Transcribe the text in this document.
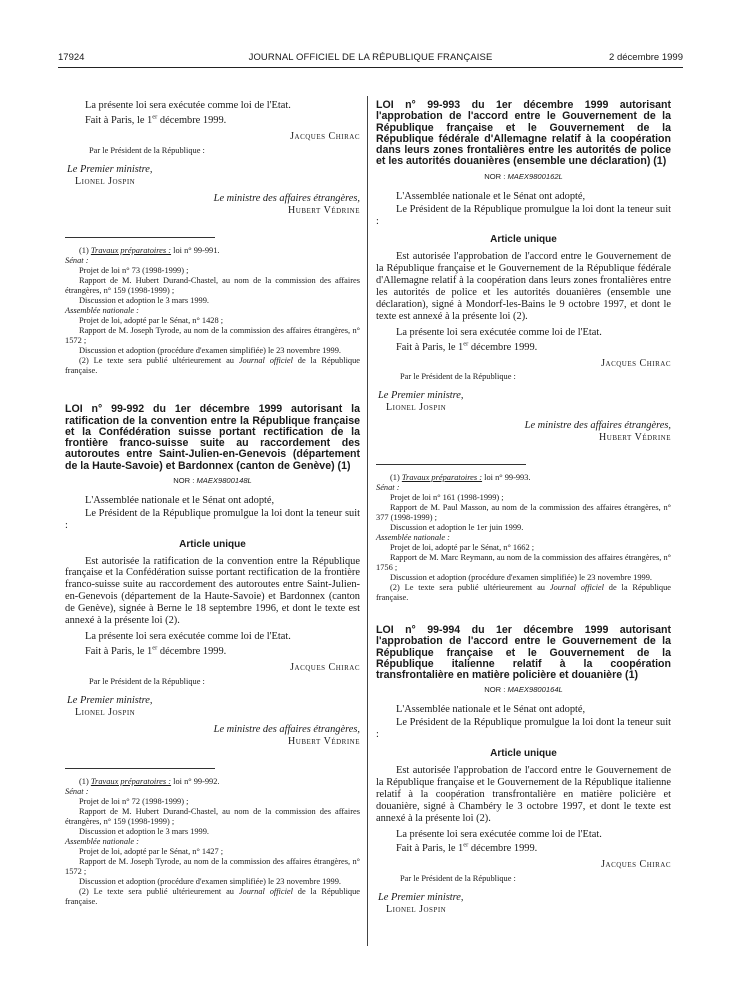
17924	JOURNAL OFFICIEL DE LA RÉPUBLIQUE FRANÇAISE	2 décembre 1999

La présente loi sera exécutée comme loi de l'Etat.

Fait à Paris, le 1er décembre 1999.

Jacques Chirac

Par le Président de la République :

Le Premier ministre,

Lionel Jospin

Le ministre des affaires étrangères,

Hubert Védrine

(1) Travaux préparatoires : loi n° 99-991.

Sénat :

Projet de loi n° 73 (1998-1999) ;

Rapport de M. Hubert Durand-Chastel, au nom de la commission des affaires étrangères, n° 159 (1998-1999) ;

Discussion et adoption le 3 mars 1999.

Assemblée nationale :

Projet de loi, adopté par le Sénat, n° 1428 ;

Rapport de M. Joseph Tyrode, au nom de la commission des affaires étrangères, n° 1572 ;

Discussion et adoption (procédure d'examen simplifiée) le 23 novembre 1999.

(2) Le texte sera publié ultérieurement au Journal officiel de la République française.

LOI n° 99-992 du 1er décembre 1999 autorisant la ratification de la convention entre la République française et la Confédération suisse portant rectification de la frontière franco-suisse suite au raccordement des autoroutes entre Saint-Julien-en-Genevois (département de la Haute-Savoie) et Bardonnex (canton de Genève) (1)

NOR : MAEX9800148L

L'Assemblée nationale et le Sénat ont adopté,

Le Président de la République promulgue la loi dont la teneur suit :

Article unique

Est autorisée la ratification de la convention entre la République française et la Confédération suisse portant rectification de la frontière franco-suisse suite au raccordement des autoroutes entre Saint-Julien-en-Genevois (département de la Haute-Savoie) et Bardonnex (canton de Genève), signée à Berne le 18 septembre 1996, et dont le texte est annexé à la présente loi (2).

La présente loi sera exécutée comme loi de l'Etat.

Fait à Paris, le 1er décembre 1999.

Jacques Chirac

Par le Président de la République :

Le Premier ministre,

Lionel Jospin

Le ministre des affaires étrangères,

Hubert Védrine

(1) Travaux préparatoires : loi n° 99-992.

Sénat :

Projet de loi n° 72 (1998-1999) ;

Rapport de M. Hubert Durand-Chastel, au nom de la commission des affaires étrangères, n° 159 (1998-1999) ;

Discussion et adoption le 3 mars 1999.

Assemblée nationale :

Projet de loi, adopté par le Sénat, n° 1427 ;

Rapport de M. Joseph Tyrode, au nom de la commission des affaires étrangères, n° 1572 ;

Discussion et adoption (procédure d'examen simplifiée) le 23 novembre 1999.

(2) Le texte sera publié ultérieurement au Journal officiel de la République française.

LOI n° 99-993 du 1er décembre 1999 autorisant l'approbation de l'accord entre le Gouvernement de la République française et le Gouvernement de la République fédérale d'Allemagne relatif à la coopération dans leurs zones frontalières entre les autorités de police et les autorités douanières (ensemble une déclaration) (1)

NOR : MAEX9800162L

L'Assemblée nationale et le Sénat ont adopté,

Le Président de la République promulgue la loi dont la teneur suit :

Article unique

Est autorisée l'approbation de l'accord entre le Gouvernement de la République française et le Gouvernement de la République fédérale d'Allemagne relatif à la coopération dans leurs zones frontalières entre les autorités de police et les autorités douanières (ensemble une déclaration), signé à Mondorf-les-Bains le 9 octobre 1997, et dont le texte est annexé à la présente loi (2).

La présente loi sera exécutée comme loi de l'Etat.

Fait à Paris, le 1er décembre 1999.

Jacques Chirac

Par le Président de la République :

Le Premier ministre,

Lionel Jospin

Le ministre des affaires étrangères,

Hubert Védrine

(1) Travaux préparatoires : loi n° 99-993.

Sénat :

Projet de loi n° 161 (1998-1999) ;

Rapport de M. Paul Masson, au nom de la commission des affaires étrangères, n° 377 (1998-1999) ;

Discussion et adoption le 1er juin 1999.

Assemblée nationale :

Projet de loi, adopté par le Sénat, n° 1662 ;

Rapport de M. Marc Reymann, au nom de la commission des affaires étrangères, n° 1756 ;

Discussion et adoption (procédure d'examen simplifiée) le 23 novembre 1999.

(2) Le texte sera publié ultérieurement au Journal officiel de la République française.

LOI n° 99-994 du 1er décembre 1999 autorisant l'approbation de l'accord entre le Gouvernement de la République française et le Gouvernement de la République italienne relatif à la coopération transfrontalière en matière policière et douanière (1)

NOR : MAEX9800164L

L'Assemblée nationale et le Sénat ont adopté,

Le Président de la République promulgue la loi dont la teneur suit :

Article unique

Est autorisée l'approbation de l'accord entre le Gouvernement de la République française et le Gouvernement de la République italienne relatif à la coopération transfrontalière en matière policière et douanière, signé à Chambéry le 3 octobre 1997, et dont le texte est annexé à la présente loi (2).

La présente loi sera exécutée comme loi de l'Etat.

Fait à Paris, le 1er décembre 1999.

Jacques Chirac

Par le Président de la République :

Le Premier ministre,

Lionel Jospin
